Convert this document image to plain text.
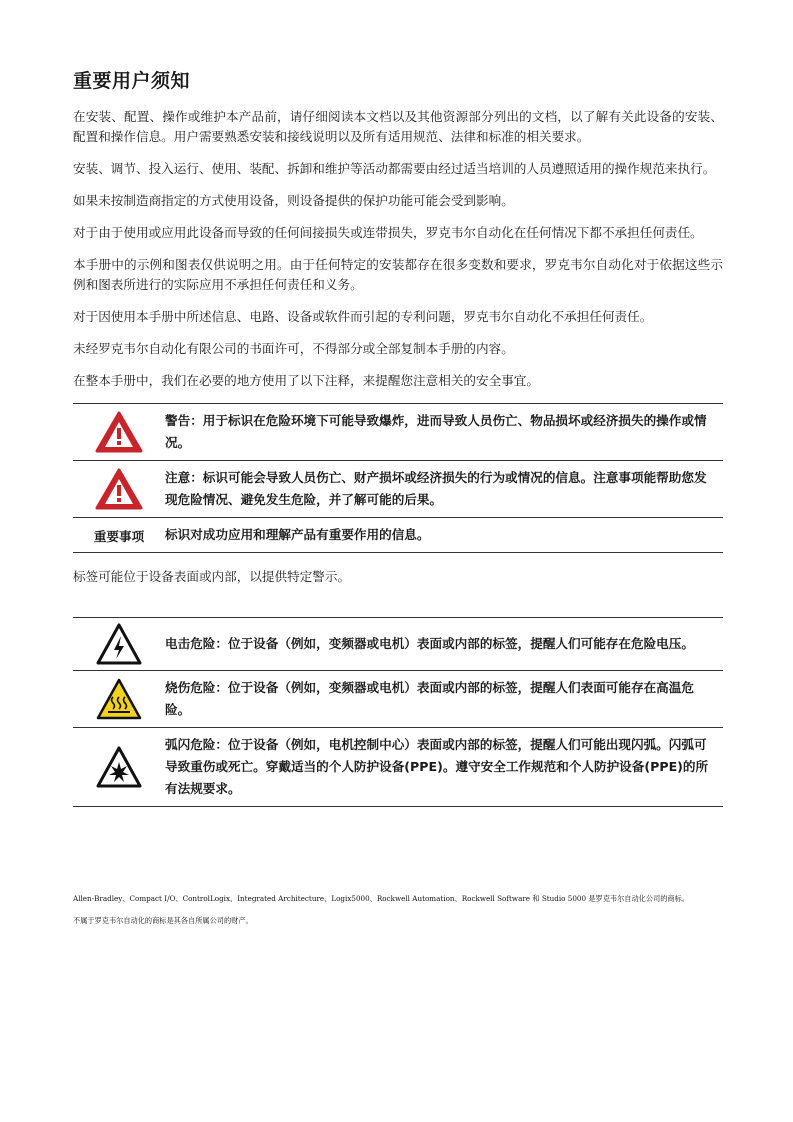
重要用户须知

在安装、配置、操作或维护本产品前，请仔细阅读本文档以及其他资源部分列出的文档，以了解有关此设备的安装、配置和操作信息。用户需要熟悉安装和接线说明以及所有适用规范、法律和标准的相关要求。

安装、调节、投入运行、使用、装配、拆卸和维护等活动都需要由经过适当培训的人员遵照适用的操作规范来执行。

如果未按制造商指定的方式使用设备，则设备提供的保护功能可能会受到影响。

对于由于使用或应用此设备而导致的任何间接损失或连带损失，罗克韦尔自动化在任何情况下都不承担任何责任。

本手册中的示例和图表仅供说明之用。由于任何特定的安装都存在很多变数和要求，罗克韦尔自动化对于依据这些示例和图表所进行的实际应用不承担任何责任和义务。

对于因使用本手册中所述信息、电路、设备或软件而引起的专利问题，罗克韦尔自动化不承担任何责任。

未经罗克韦尔自动化有限公司的书面许可，不得部分或全部复制本手册的内容。

在整本手册中，我们在必要的地方使用了以下注释，来提醒您注意相关的安全事宜。

	警告：用于标识在危险环境下可能导致爆炸，进而导致人员伤亡、物品损坏或经济损失的操作或情况。

	注意：标识可能会导致人员伤亡、财产损坏或经济损失的行为或情况的信息。注意事项能帮助您发现危险情况、避免发生危险，并了解可能的后果。
重要事项	标识对成功应用和理解产品有重要作用的信息。

标签可能位于设备表面或内部，以提供特定警示。

	电击危险：位于设备（例如，变频器或电机）表面或内部的标签，提醒人们可能存在危险电压。

	烧伤危险：位于设备（例如，变频器或电机）表面或内部的标签，提醒人们表面可能存在高温危险。

	弧闪危险：位于设备（例如，电机控制中心）表面或内部的标签，提醒人们可能出现闪弧。闪弧可导致重伤或死亡。穿戴适当的个人防护设备(PPE)。遵守安全工作规范和个人防护设备(PPE)的所有法规要求。
Allen-Bradley、Compact I/O、ControlLogix、Integrated Architecture、Logix5000、Rockwell Automation、Rockwell Software 和 Studio 5000 是罗克韦尔自动化公司的商标。
不属于罗克韦尔自动化的商标是其各自所属公司的财产。
